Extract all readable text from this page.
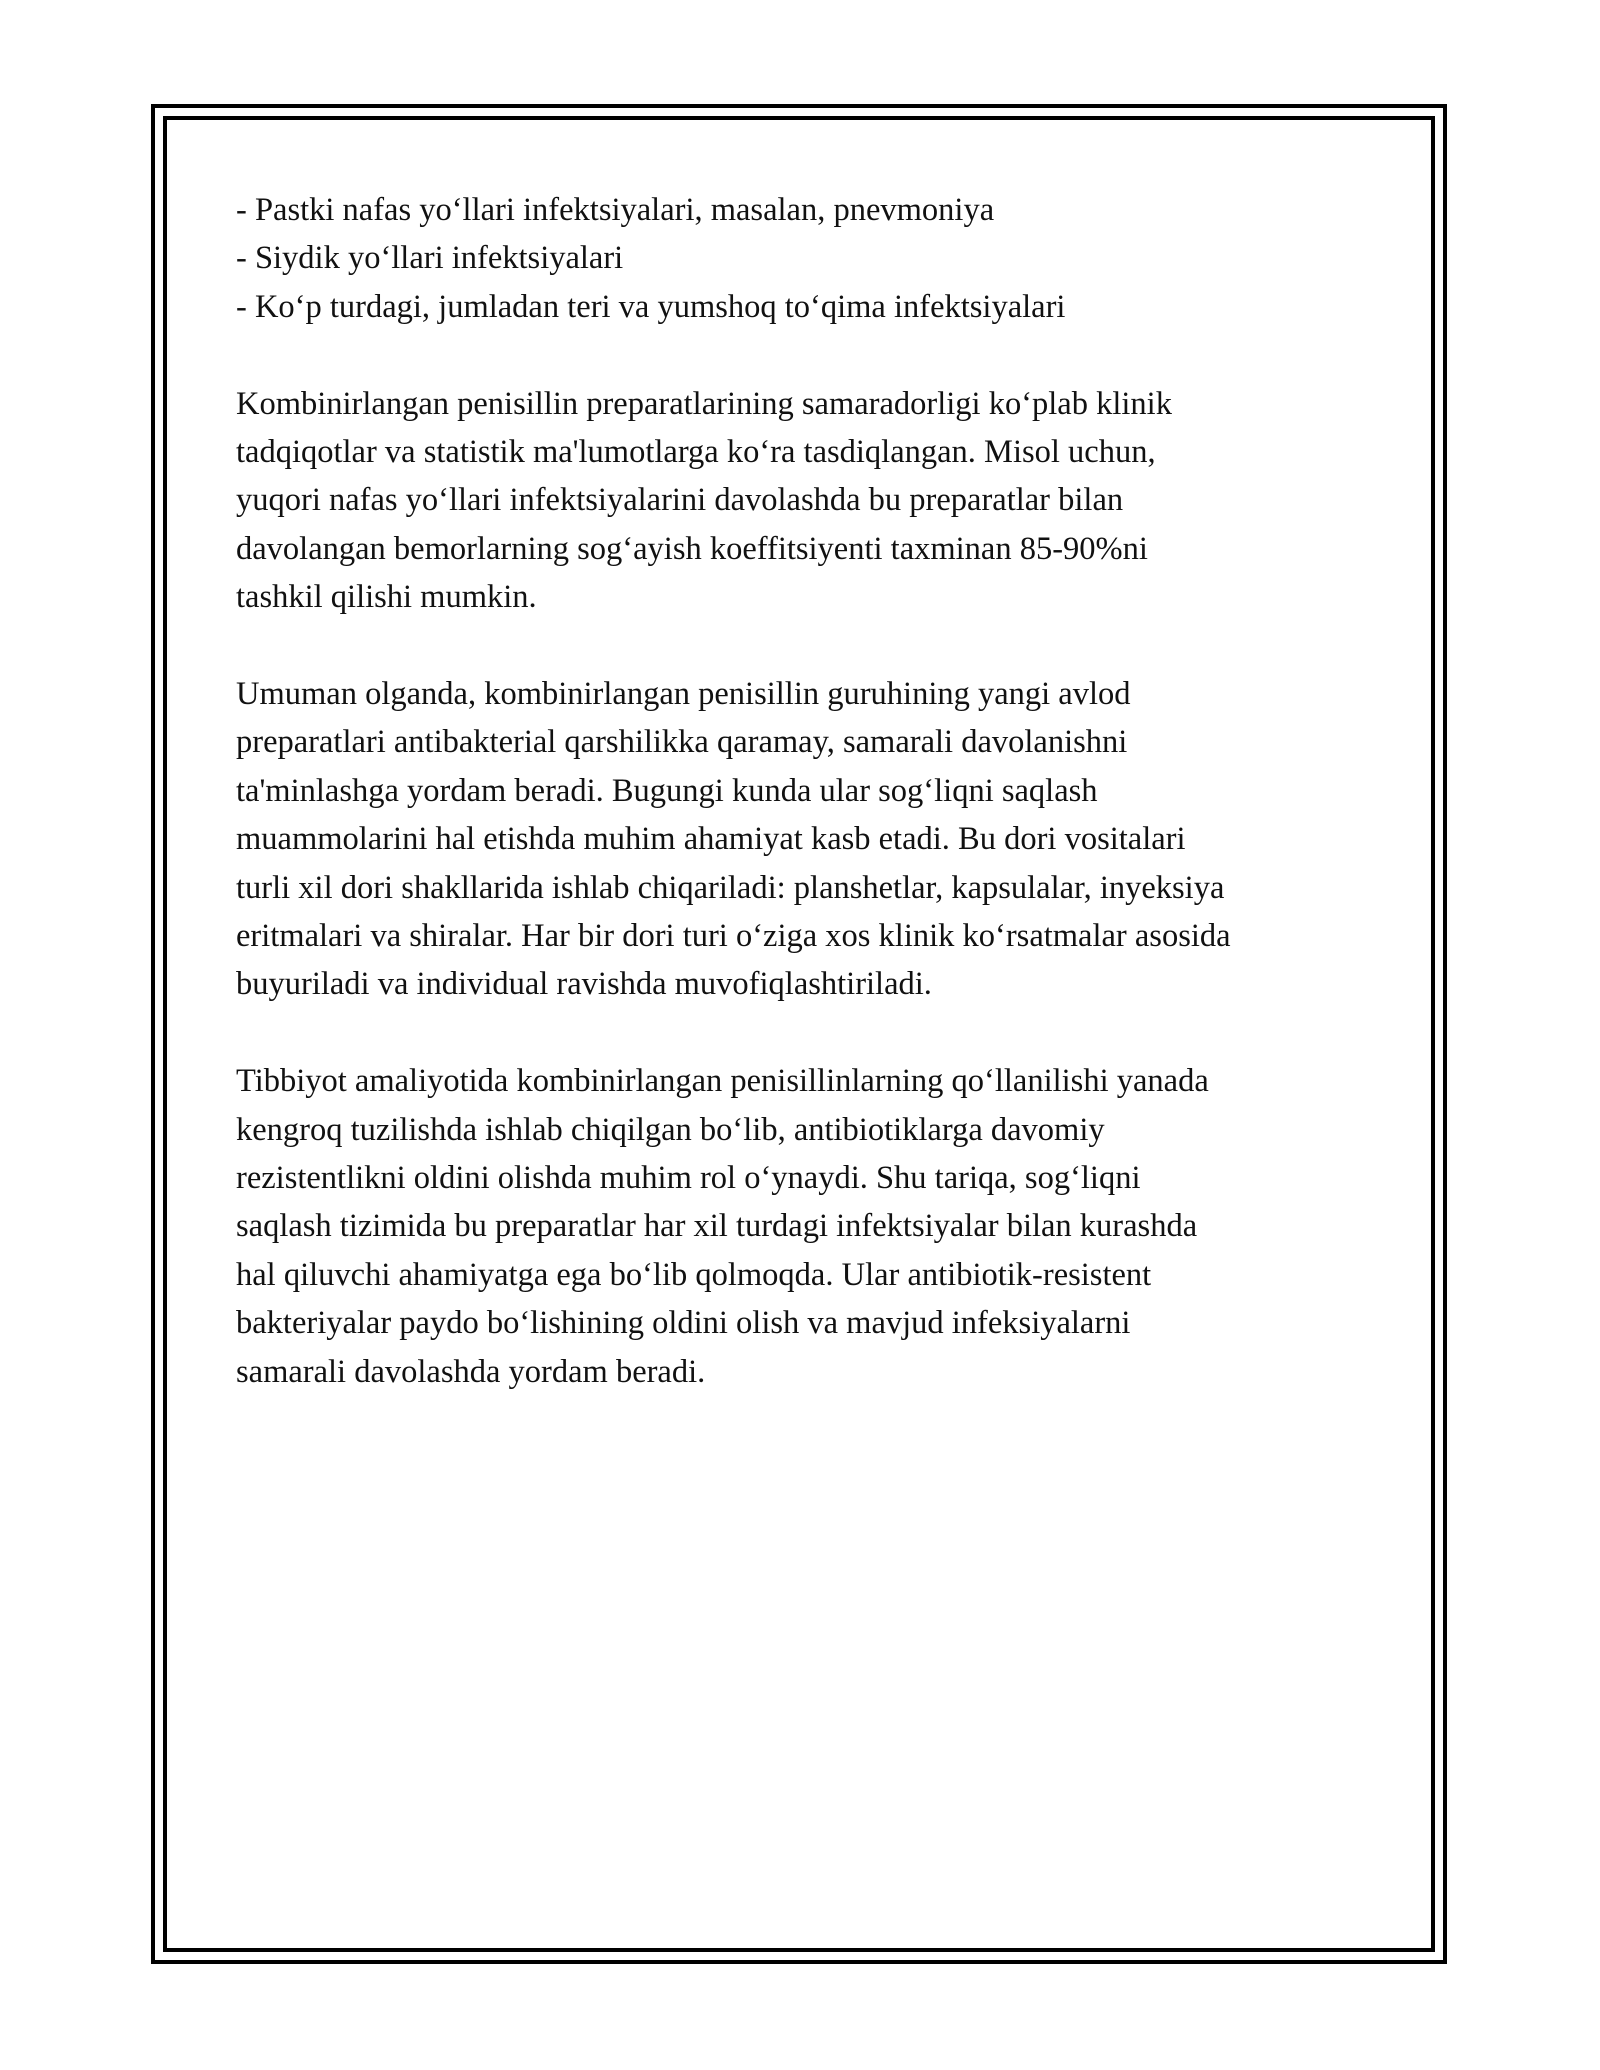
- Pastki nafas yo‘llari infektsiyalari, masalan, pnevmoniya
- Siydik yo‘llari infektsiyalari
- Ko‘p turdagi, jumladan teri va yumshoq to‘qima infektsiyalari
Kombinirlangan penisillin preparatlarining samaradorligi ko‘plab klinik
tadqiqotlar va statistik ma'lumotlarga ko‘ra tasdiqlangan. Misol uchun,
yuqori nafas yo‘llari infektsiyalarini davolashda bu preparatlar bilan
davolangan bemorlarning sog‘ayish koeffitsiyenti taxminan 85-90%ni
tashkil qilishi mumkin.
Umuman olganda, kombinirlangan penisillin guruhining yangi avlod
preparatlari antibakterial qarshilikka qaramay, samarali davolanishni
ta'minlashga yordam beradi. Bugungi kunda ular sog‘liqni saqlash
muammolarini hal etishda muhim ahamiyat kasb etadi. Bu dori vositalari
turli xil dori shakllarida ishlab chiqariladi: planshetlar, kapsulalar, inyeksiya
eritmalari va shiralar. Har bir dori turi o‘ziga xos klinik ko‘rsatmalar asosida
buyuriladi va individual ravishda muvofiqlashtiriladi.
Tibbiyot amaliyotida kombinirlangan penisillinlarning qo‘llanilishi yanada
kengroq tuzilishda ishlab chiqilgan bo‘lib, antibiotiklarga davomiy
rezistentlikni oldini olishda muhim rol o‘ynaydi. Shu tariqa, sog‘liqni
saqlash tizimida bu preparatlar har xil turdagi infektsiyalar bilan kurashda
hal qiluvchi ahamiyatga ega bo‘lib qolmoqda. Ular antibiotik-resistent
bakteriyalar paydo bo‘lishining oldini olish va mavjud infeksiyalarni
samarali davolashda yordam beradi.
